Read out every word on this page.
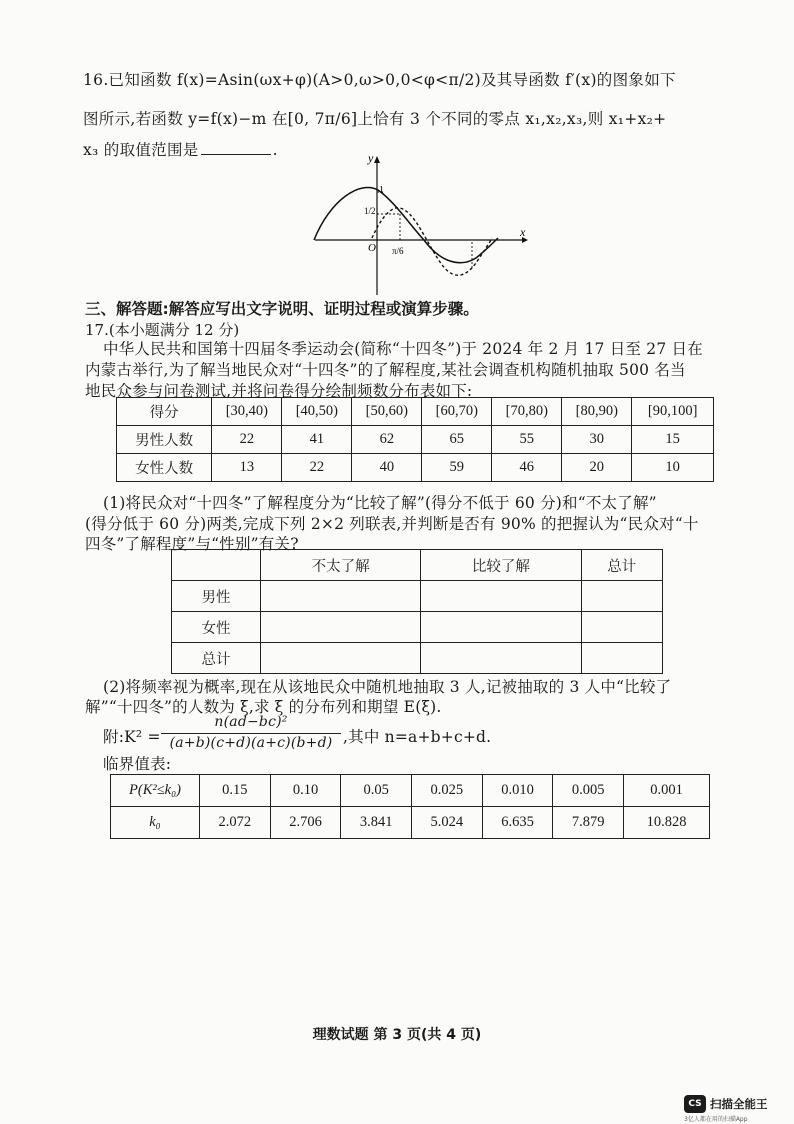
16.已知函数 f(x)=Asin(ωx+φ)(A>0,ω>0,0<φ<π/2)及其导函数 f′(x)的图象如下
图所示,若函数 y=f(x)−m 在[0, 7π/6]上恰有 3 个不同的零点 x₁,x₂,x₃,则 x₁+x₂+
x₃ 的取值范围是	.	y
x
O
1
1/2
π/6
三、解答题:解答应写出文字说明、证明过程或演算步骤。
17.(本小题满分 12 分)
中华人民共和国第十四届冬季运动会(简称“十四冬”)于 2024 年 2 月 17 日至 27 日在
内蒙古举行,为了解当地民众对“十四冬”的了解程度,某社会调查机构随机抽取 500 名当
地民众参与问卷测试,并将问卷得分绘制频数分布表如下:
得分	[30,40)	[40,50)	[50,60)	[60,70)	[70,80)	[80,90)	[90,100]
男性人数	22	41	62	65	55	30	15
女性人数	13	22	40	59	46	20	10
(1)将民众对“十四冬”了解程度分为“比较了解”(得分不低于 60 分)和“不太了解”
(得分低于 60 分)两类,完成下列 2×2 列联表,并判断是否有 90% 的把握认为“民众对“十
四冬”了解程度”与“性别”有关?
	不太了解	比较了解	总计
男性			
女性			
总计			
(2)将频率视为概率,现在从该地民众中随机地抽取 3 人,记被抽取的 3 人中“比较了
解”“十四冬”的人数为 ξ,求 ξ 的分布列和期望 E(ξ).
附:K² =
n(ad−bc)²
(a+b)(c+d)(a+c)(b+d) ,其中 n=a+b+c+d.
临界值表:
P(K²≤k₀)	0.15	0.10	0.05	0.025	0.010	0.005	0.001
k₀	2.072	2.706	3.841	5.024	6.635	7.879	10.828
理数试题 第 3 页(共 4 页)
CS 扫描全能王
3亿人都在用的扫描App
